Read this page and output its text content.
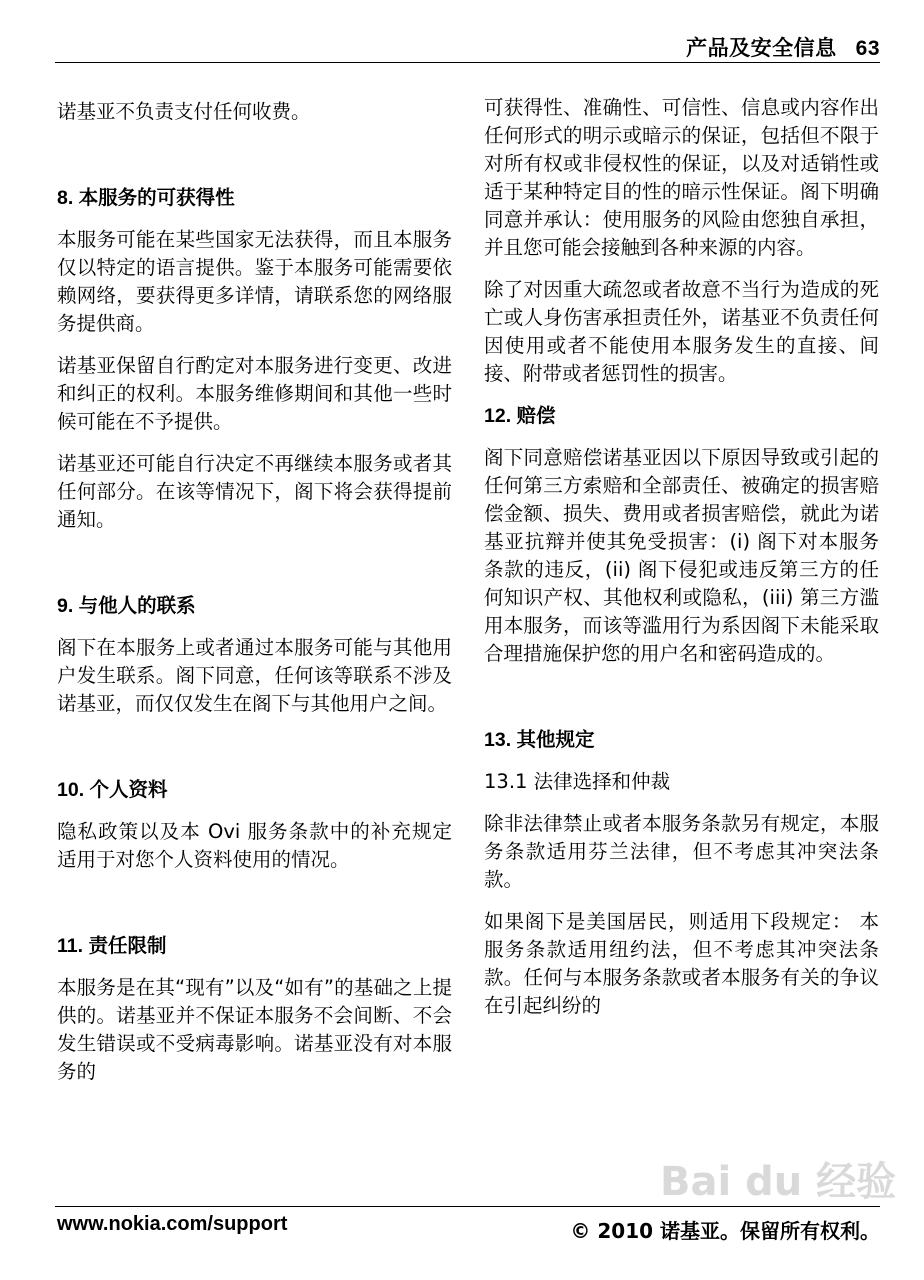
产品及安全信息 63

诺基亚不负责支付任何收费。

8. 本服务的可获得性

本服务可能在某些国家无法获得，而且本服务仅以特定的语言提供。鉴于本服务可能需要依赖网络，要获得更多详情，请联系您的网络服务提供商。

诺基亚保留自行酌定对本服务进行变更、改进和纠正的权利。本服务维修期间和其他一些时候可能在不予提供。

诺基亚还可能自行决定不再继续本服务或者其任何部分。在该等情况下，阁下将会获得提前通知。

9. 与他人的联系

阁下在本服务上或者通过本服务可能与其他用户发生联系。阁下同意，任何该等联系不涉及诺基亚，而仅仅发生在阁下与其他用户之间。

10. 个人资料

隐私政策以及本 Ovi 服务条款中的补充规定适用于对您个人资料使用的情况。

11. 责任限制

本服务是在其“现有”以及“如有”的基础之上提供的。诺基亚并不保证本服务不会间断、不会发生错误或不受病毒影响。诺基亚没有对本服务的

可获得性、准确性、可信性、信息或内容作出任何形式的明示或暗示的保证，包括但不限于对所有权或非侵权性的保证，以及对适销性或适于某种特定目的性的暗示性保证。阁下明确同意并承认：使用服务的风险由您独自承担，并且您可能会接触到各种来源的内容。

除了对因重大疏忽或者故意不当行为造成的死亡或人身伤害承担责任外，诺基亚不负责任何因使用或者不能使用本服务发生的直接、间接、附带或者惩罚性的损害。

12. 赔偿

阁下同意赔偿诺基亚因以下原因导致或引起的任何第三方索赔和全部责任、被确定的损害赔偿金额、损失、费用或者损害赔偿，就此为诺基亚抗辩并使其免受损害：(i) 阁下对本服务条款的违反，(ii) 阁下侵犯或违反第三方的任何知识产权、其他权利或隐私，(iii) 第三方滥用本服务，而该等滥用行为系因阁下未能采取合理措施保护您的用户名和密码造成的。

13. 其他规定

13.1 法律选择和仲裁

除非法律禁止或者本服务条款另有规定，本服务条款适用芬兰法律，但不考虑其冲突法条款。

如果阁下是美国居民，则适用下段规定： 本服务条款适用纽约法，但不考虑其冲突法条款。任何与本服务条款或者本服务有关的争议在引起纠纷的

Bai du 经验
www.nokia.com/support	© 2010 诺基亚。保留所有权利。
